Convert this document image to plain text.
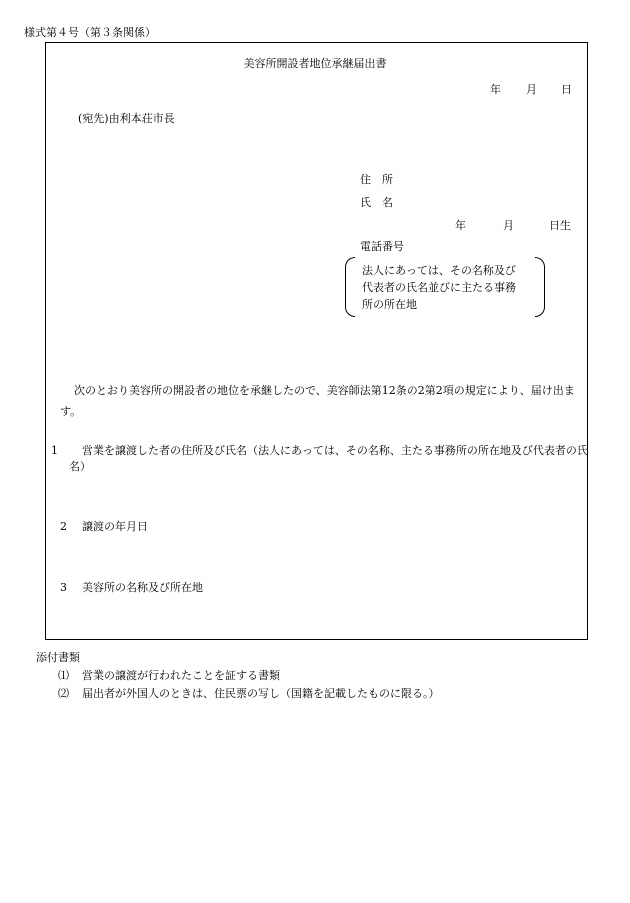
様式第４号（第３条関係）
美容所開設者地位承継届出書
年 月 日
(宛先)由利本荘市長
住　所
氏　名
年	月	日生
電話番号
法人にあっては、その名称及び代表者の氏名並びに主たる事務所の所在地
次のとおり美容所の開設者の地位を承継したので、美容師法第12条の2第2項の規定により、届け出ます。
1 営業を譲渡した者の住所及び氏名（法人にあっては、その名称、主たる事務所の所在地及び代表者の氏名）
2 譲渡の年月日
3 美容所の名称及び所在地
添付書類
⑴ 営業の譲渡が行われたことを証する書類
⑵ 届出者が外国人のときは、住民票の写し（国籍を記載したものに限る。）
